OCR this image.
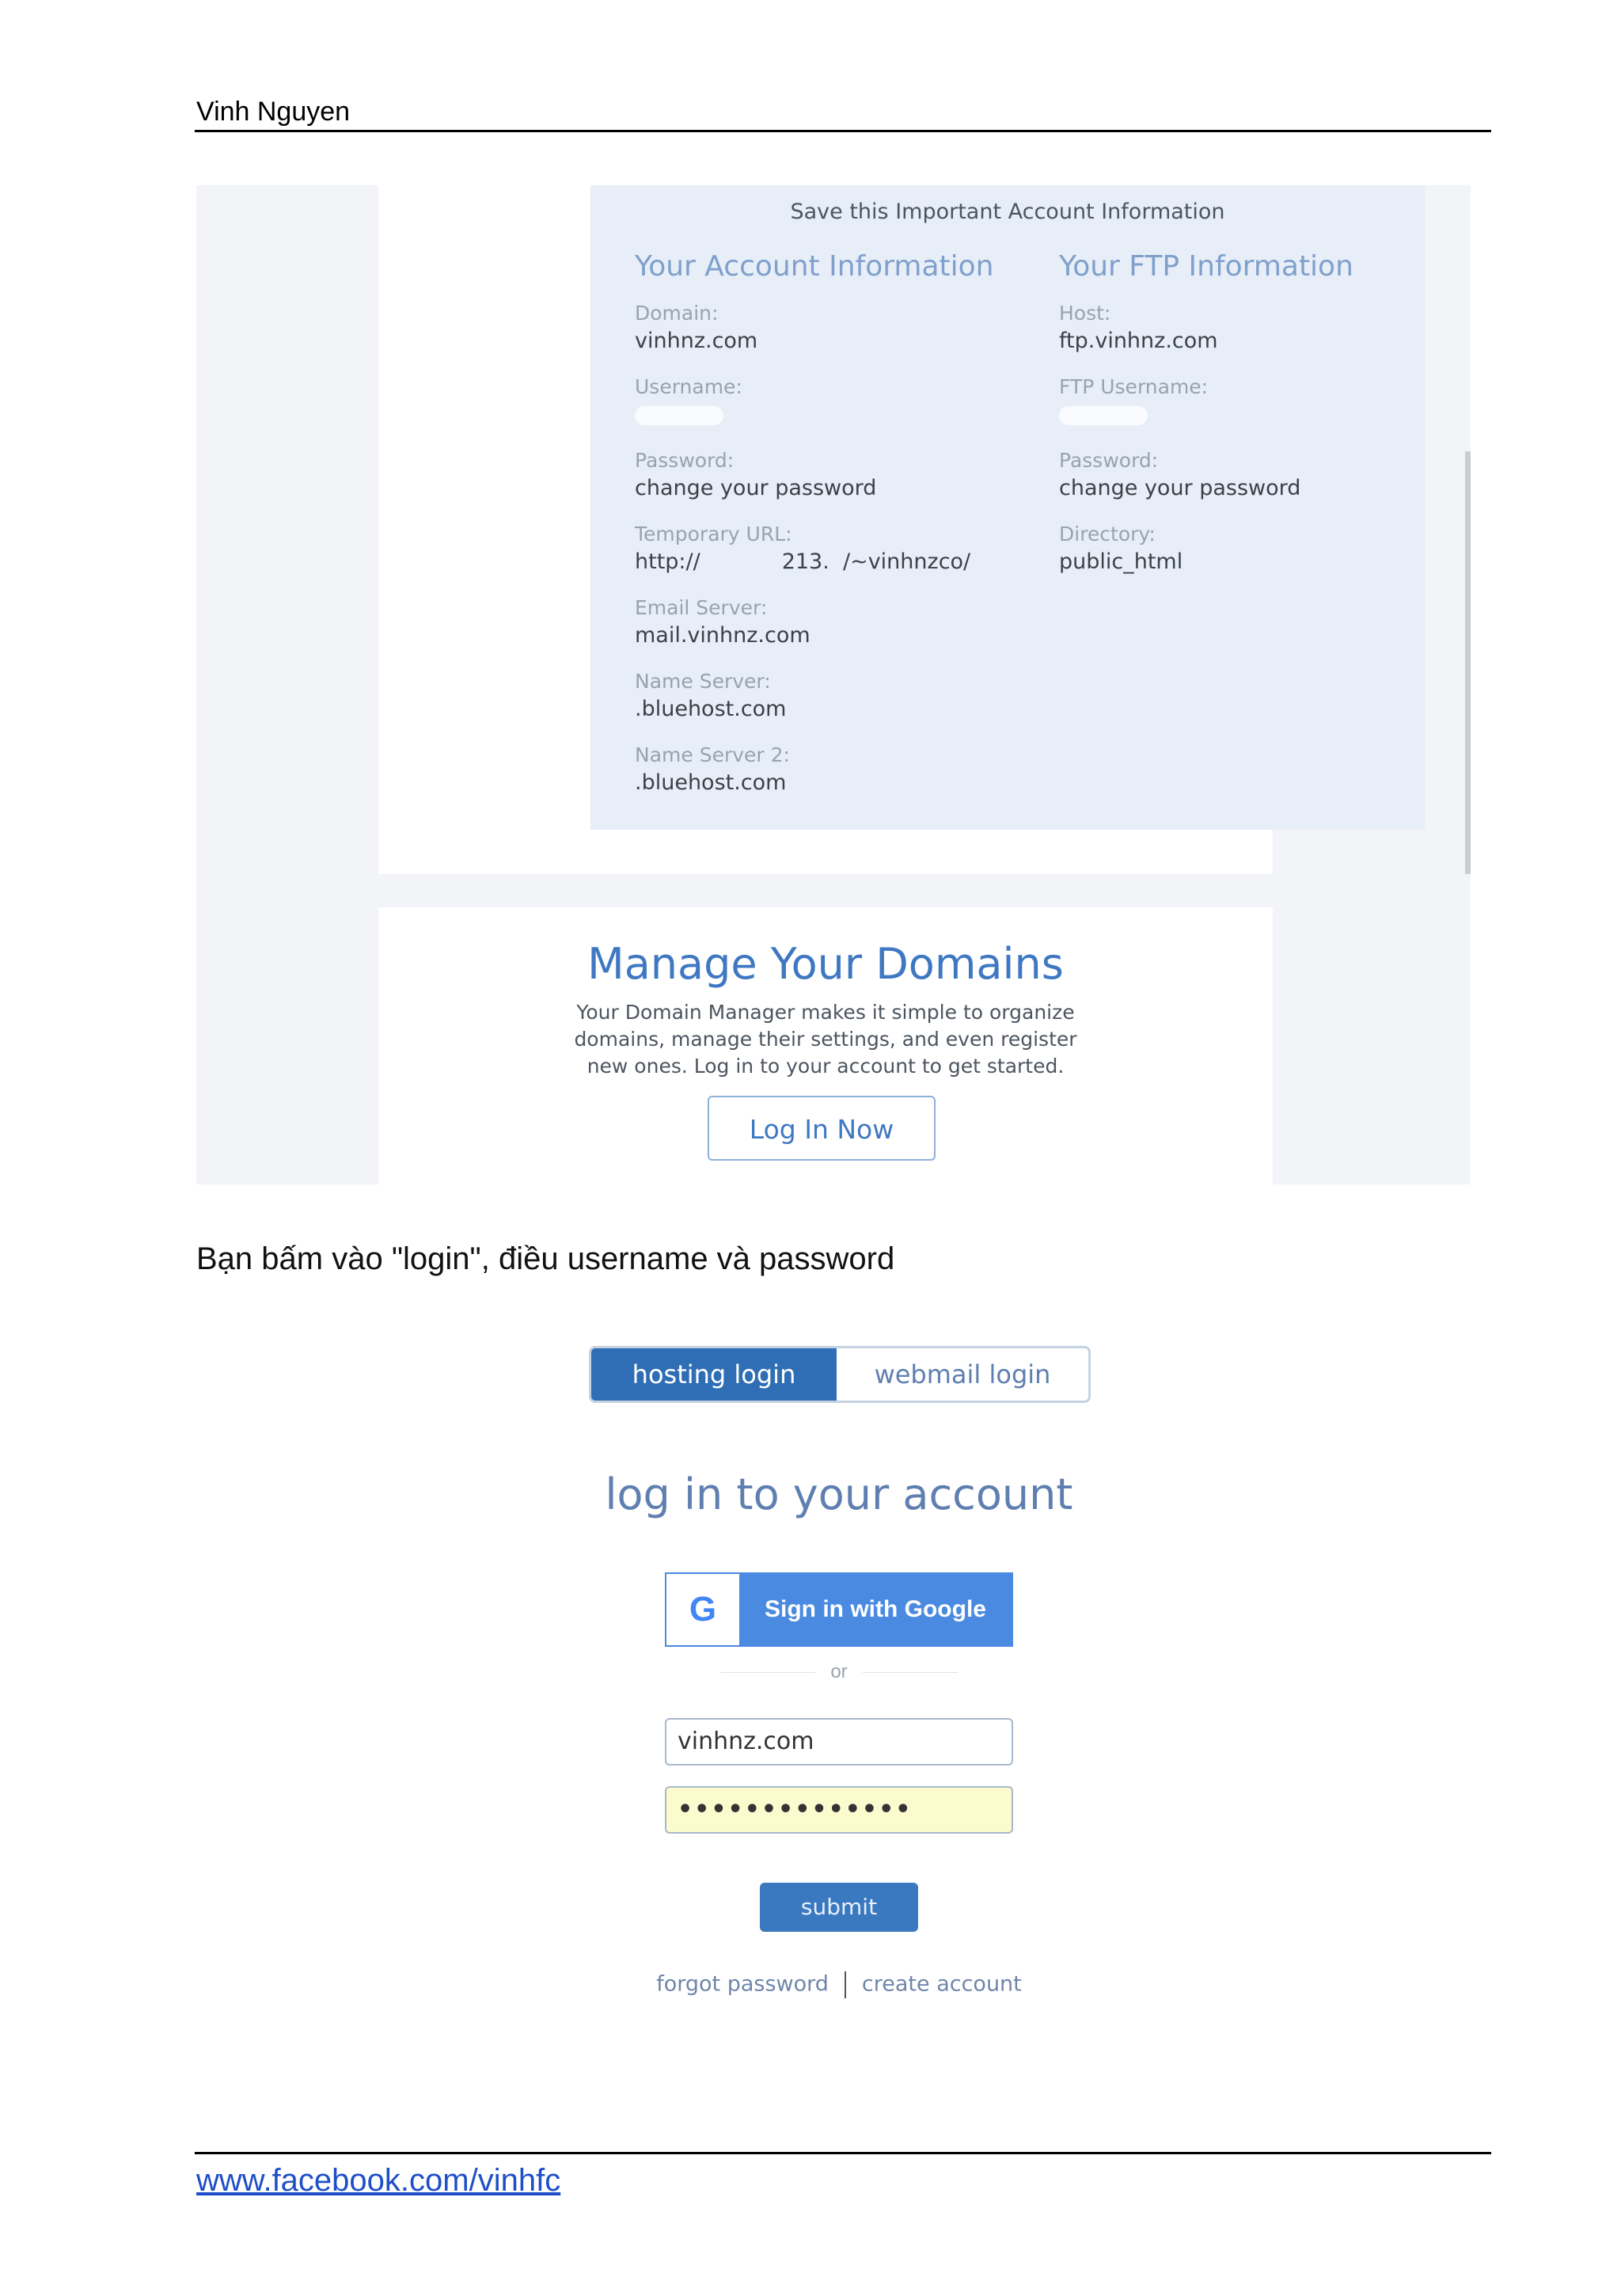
Vinh Nguyen
Save this Important Account Information
Your Account Information
Domain:
vinhnz.com
Username:
Password:
change your password
Temporary URL:
http://            213.  /~vinhnzco/
Email Server:
mail.vinhnz.com
Name Server:
.bluehost.com
Name Server 2:
.bluehost.com
Your FTP Information
Host:
ftp.vinhnz.com
FTP Username:
Password:
change your password
Directory:
public_html
Manage Your Domains
Your Domain Manager makes it simple to organize domains, manage their settings, and even register new ones. Log in to your account to get started.
Log In Now
Bạn bấm vào "login", điều username và password
hosting login	webmail login
log in to your account
G	Sign in with Google
or
vinhnz.com
••••••••••••••
submit
forgot password create account
www.facebook.com/vinhfc
